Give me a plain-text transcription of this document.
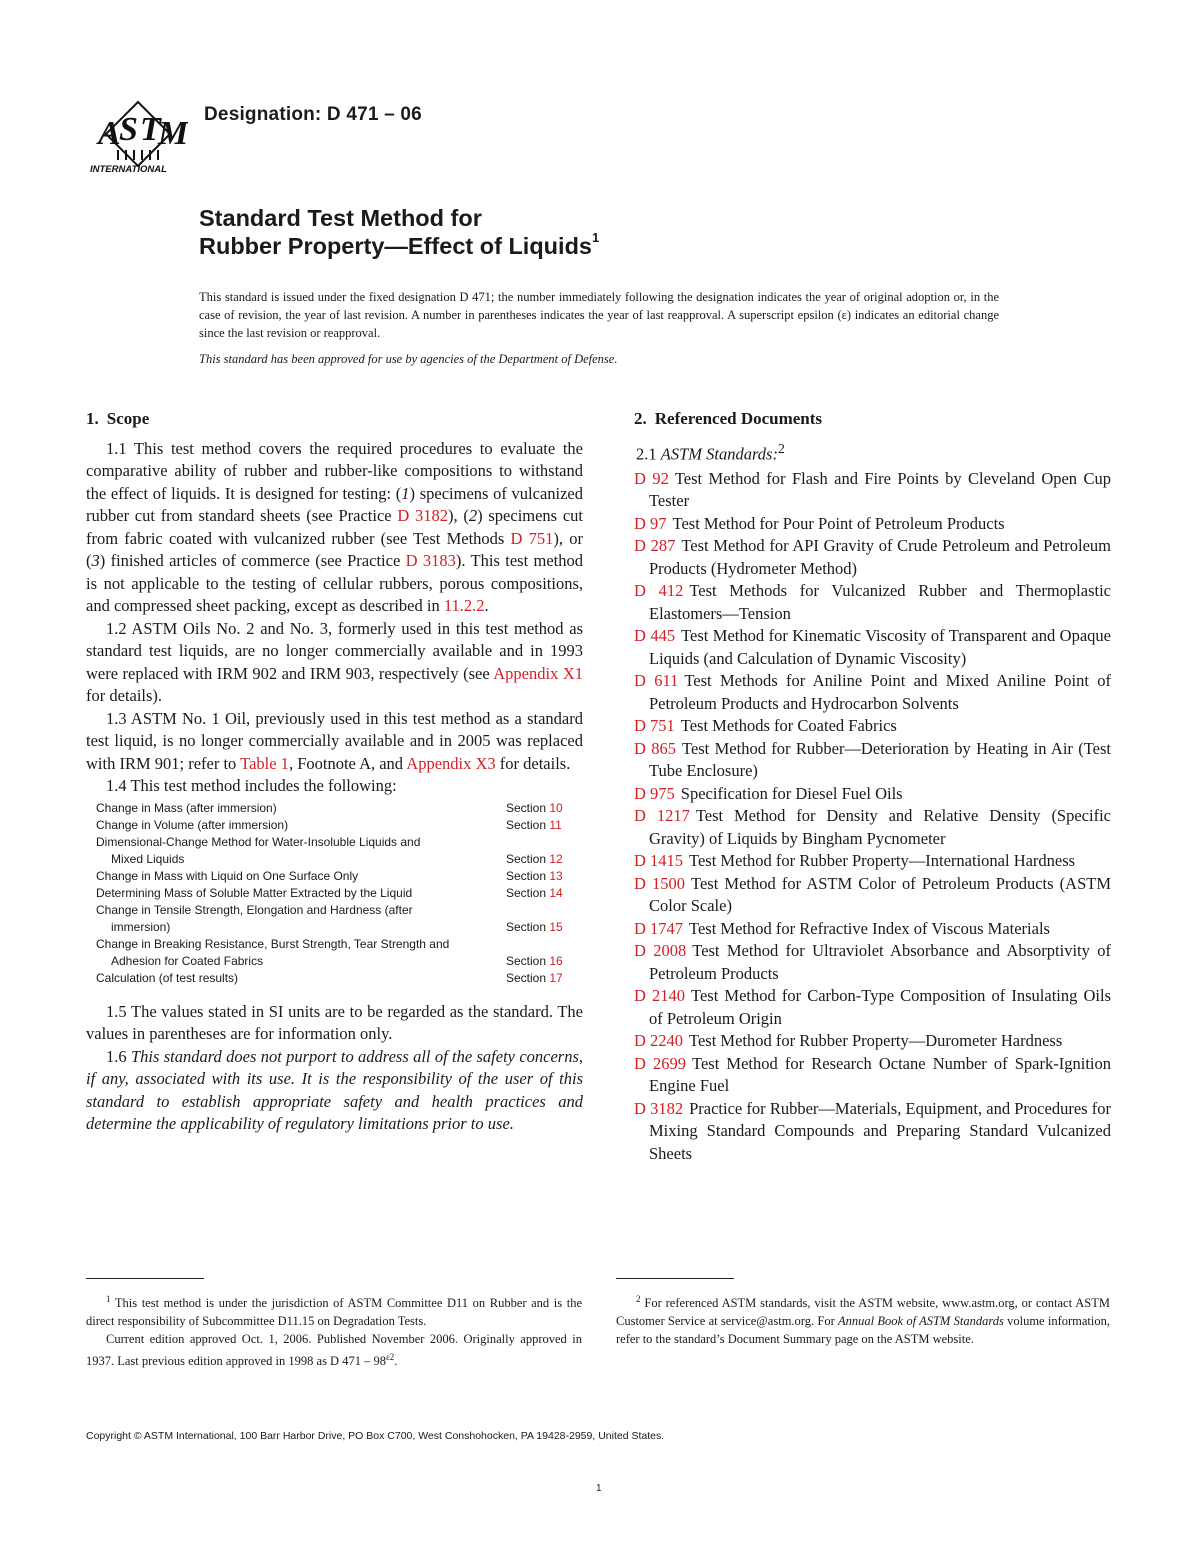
A
S T
M
INTERNATIONAL
Designation: D 471 – 06
Standard Test Method for
Rubber Property—Effect of Liquids$^1$
This standard is issued under the fixed designation D 471; the number immediately following the designation indicates the year of original adoption or, in the case of revision, the year of last revision. A number in parentheses indicates the year of last reapproval. A superscript epsilon (ε) indicates an editorial change since the last revision or reapproval.
This standard has been approved for use by agencies of the Department of Defense.
1. Scope

1.1 This test method covers the required procedures to evaluate the comparative ability of rubber and rubber-like compositions to withstand the effect of liquids. It is designed for testing: (1) specimens of vulcanized rubber cut from standard sheets (see Practice D 3182), (2) specimens cut from fabric coated with vulcanized rubber (see Test Methods D 751), or (3) finished articles of commerce (see Practice D 3183). This test method is not applicable to the testing of cellular rubbers, porous compositions, and compressed sheet packing, except as described in 11.2.2.

1.2 ASTM Oils No. 2 and No. 3, formerly used in this test method as standard test liquids, are no longer commercially available and in 1993 were replaced with IRM 902 and IRM 903, respectively (see Appendix X1 for details).

1.3 ASTM No. 1 Oil, previously used in this test method as a standard test liquid, is no longer commercially available and in 2005 was replaced with IRM 901; refer to Table 1, Footnote A, and Appendix X3 for details.

1.4 This test method includes the following:

Change in Mass (after immersion)	Section 10
Change in Volume (after immersion)	Section 11
Dimensional-Change Method for Water-Insoluble Liquids and Mixed Liquids	Section 12
Change in Mass with Liquid on One Surface Only	Section 13
Determining Mass of Soluble Matter Extracted by the Liquid	Section 14
Change in Tensile Strength, Elongation and Hardness (after immersion)	Section 15
Change in Breaking Resistance, Burst Strength, Tear Strength and Adhesion for Coated Fabrics	Section 16
Calculation (of test results)	Section 17

1.5 The values stated in SI units are to be regarded as the standard. The values in parentheses are for information only.

1.6 This standard does not purport to address all of the safety concerns, if any, associated with its use. It is the responsibility of the user of this standard to establish appropriate safety and health practices and determine the applicability of regulatory limitations prior to use.

2. Referenced Documents

2.1 ASTM Standards:$^2$

D 92 Test Method for Flash and Fire Points by Cleveland Open Cup Tester

D 97 Test Method for Pour Point of Petroleum Products

D 287 Test Method for API Gravity of Crude Petroleum and Petroleum Products (Hydrometer Method)

D 412 Test Methods for Vulcanized Rubber and Thermoplastic Elastomers—Tension

D 445 Test Method for Kinematic Viscosity of Transparent and Opaque Liquids (and Calculation of Dynamic Viscosity)

D 611 Test Methods for Aniline Point and Mixed Aniline Point of Petroleum Products and Hydrocarbon Solvents

D 751 Test Methods for Coated Fabrics

D 865 Test Method for Rubber—Deterioration by Heating in Air (Test Tube Enclosure)

D 975 Specification for Diesel Fuel Oils

D 1217 Test Method for Density and Relative Density (Specific Gravity) of Liquids by Bingham Pycnometer

D 1415 Test Method for Rubber Property—International Hardness

D 1500 Test Method for ASTM Color of Petroleum Products (ASTM Color Scale)

D 1747 Test Method for Refractive Index of Viscous Materials

D 2008 Test Method for Ultraviolet Absorbance and Absorptivity of Petroleum Products

D 2140 Test Method for Carbon-Type Composition of Insulating Oils of Petroleum Origin

D 2240 Test Method for Rubber Property—Durometer Hardness

D 2699 Test Method for Research Octane Number of Spark-Ignition Engine Fuel

D 3182 Practice for Rubber—Materials, Equipment, and Procedures for Mixing Standard Compounds and Preparing Standard Vulcanized Sheets

$^1$ This test method is under the jurisdiction of ASTM Committee D11 on Rubber and is the direct responsibility of Subcommittee D11.15 on Degradation Tests.

Current edition approved Oct. 1, 2006. Published November 2006. Originally approved in 1937. Last previous edition approved in 1998 as D $471 - 98^{\varepsilon 2}$.

$^2$ For referenced ASTM standards, visit the ASTM website, www.astm.org, or contact ASTM Customer Service at service@astm.org. For Annual Book of ASTM Standards volume information, refer to the standard’s Document Summary page on the ASTM website.

Copyright © ASTM International, 100 Barr Harbor Drive, PO Box C700, West Conshohocken, PA 19428-2959, United States.
1
